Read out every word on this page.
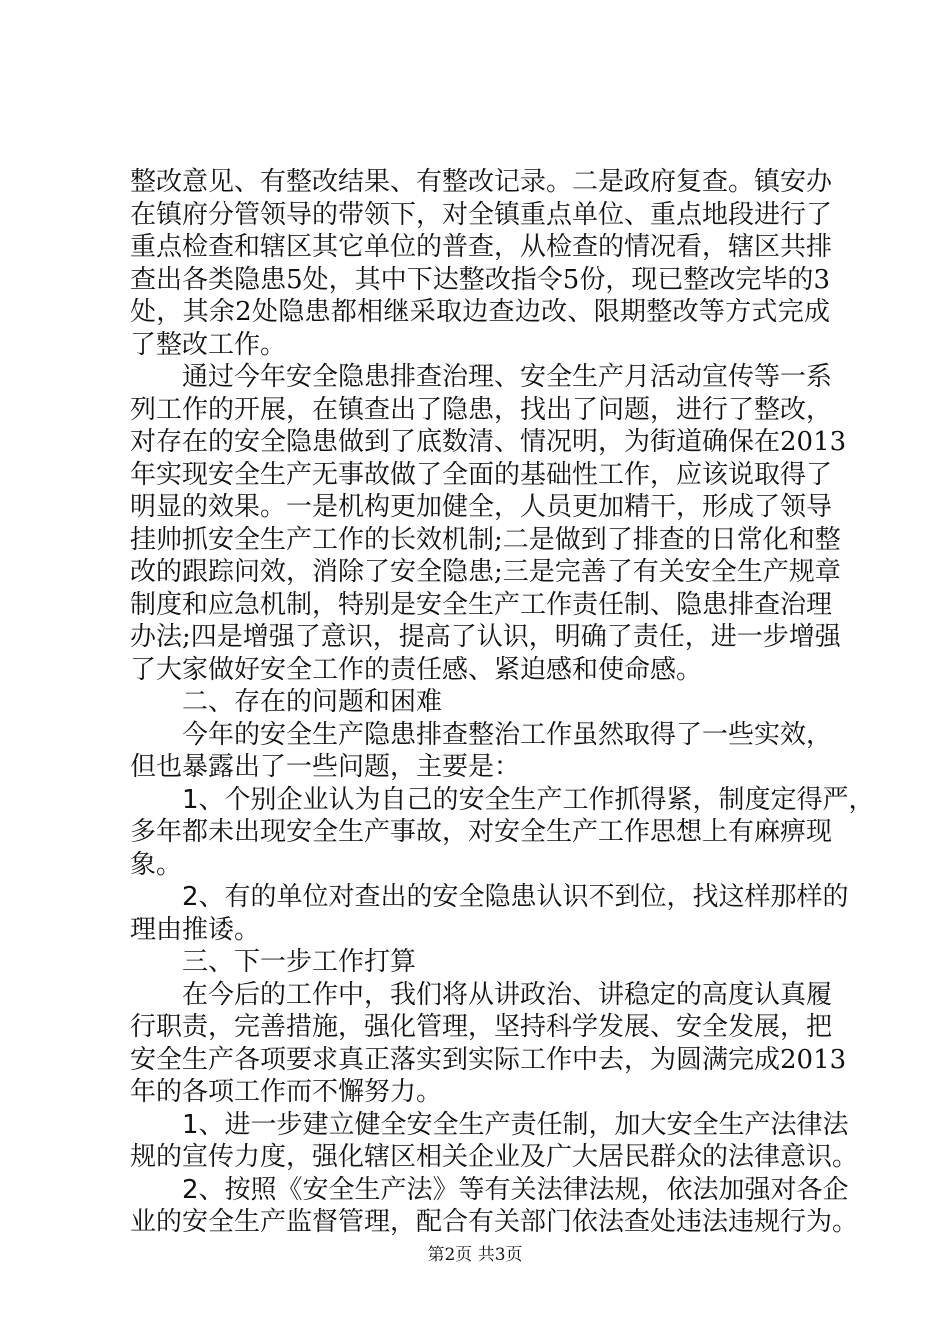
整改意见、有整改结果、有整改记录。二是政府复查。镇安办
在镇府分管领导的带领下，对全镇重点单位、重点地段进行了
重点检查和辖区其它单位的普查，从检查的情况看，辖区共排
查出各类隐患5处，其中下达整改指令5份，现已整改完毕的3
处，其余2处隐患都相继采取边查边改、限期整改等方式完成
了整改工作。
　　通过今年安全隐患排查治理、安全生产月活动宣传等一系
列工作的开展，在镇查出了隐患，找出了问题，进行了整改，
对存在的安全隐患做到了底数清、情况明，为街道确保在2013
年实现安全生产无事故做了全面的基础性工作，应该说取得了
明显的效果。一是机构更加健全，人员更加精干，形成了领导
挂帅抓安全生产工作的长效机制;二是做到了排查的日常化和整
改的跟踪问效，消除了安全隐患;三是完善了有关安全生产规章
制度和应急机制，特别是安全生产工作责任制、隐患排查治理
办法;四是增强了意识，提高了认识，明确了责任，进一步增强
了大家做好安全工作的责任感、紧迫感和使命感。
　　二、存在的问题和困难
　　今年的安全生产隐患排查整治工作虽然取得了一些实效，
但也暴露出了一些问题，主要是：
　　1、个别企业认为自己的安全生产工作抓得紧，制度定得严，
多年都未出现安全生产事故，对安全生产工作思想上有麻痹现
象。
　　2、有的单位对查出的安全隐患认识不到位，找这样那样的
理由推诿。
　　三、下一步工作打算
　　在今后的工作中，我们将从讲政治、讲稳定的高度认真履
行职责，完善措施，强化管理，坚持科学发展、安全发展，把
安全生产各项要求真正落实到实际工作中去，为圆满完成2013
年的各项工作而不懈努力。
　　1、进一步建立健全安全生产责任制，加大安全生产法律法
规的宣传力度，强化辖区相关企业及广大居民群众的法律意识。
　　2、按照《安全生产法》等有关法律法规，依法加强对各企
业的安全生产监督管理，配合有关部门依法查处违法违规行为。
第2页 共3页
